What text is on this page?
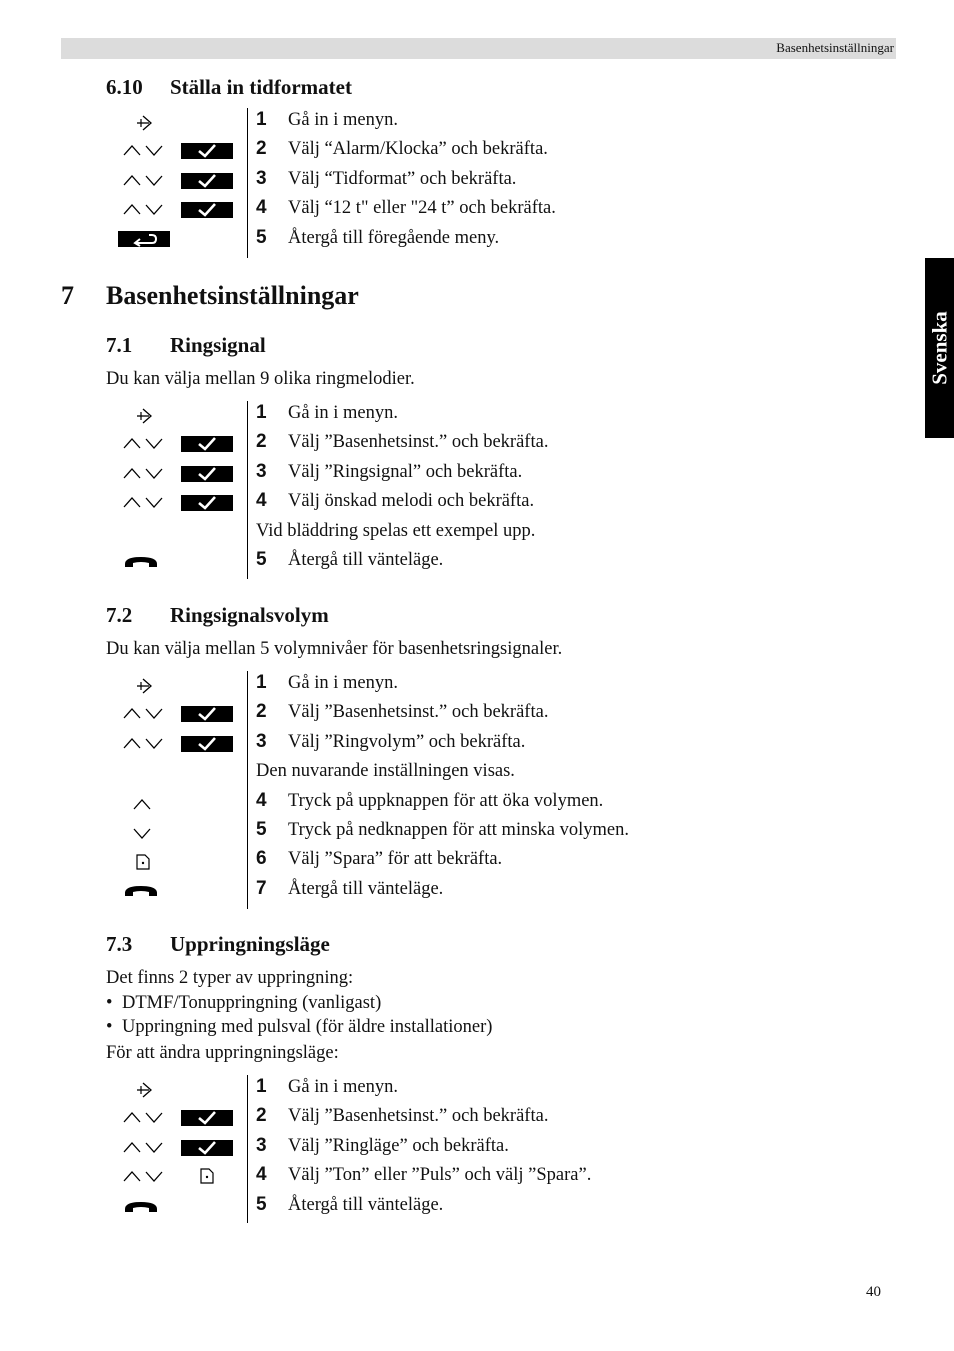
Basenhetsinställningar
Svenska
6.10 Ställa in tidformatet
1 Gå in i menyn.
2 Välj “Alarm/Klocka” och bekräfta.
3 Välj “Tidformat” och bekräfta.
4 Välj “12 t" eller "24 t” och bekräfta.
5 Återgå till föregående meny.
7 Basenhetsinställningar
7.1 Ringsignal
Du kan välja mellan 9 olika ringmelodier.
1 Gå in i menyn.
2 Välj ”Basenhetsinst.” och bekräfta.
3 Välj ”Ringsignal” och bekräfta.
4 Välj önskad melodi och bekräfta.
Vid bläddring spelas ett exempel upp.
5 Återgå till vänteläge.
7.2 Ringsignalsvolym
Du kan välja mellan 5 volymnivåer för basenhetsringsignaler.
1 Gå in i menyn.
2 Välj ”Basenhetsinst.” och bekräfta.
3 Välj ”Ringvolym” och bekräfta.
Den nuvarande inställningen visas.
4 Tryck på uppknappen för att öka volymen.
5 Tryck på nedknappen för att minska volymen.
6 Välj ”Spara” för att bekräfta.
7 Återgå till vänteläge.
7.3 Uppringningsläge
Det finns 2 typer av uppringning:
• DTMF/Tonuppringning (vanligast)
• Uppringning med pulsval (för äldre installationer)
För att ändra uppringningsläge:
1 Gå in i menyn.
2 Välj ”Basenhetsinst.” och bekräfta.
3 Välj ”Ringläge” och bekräfta.
4 Välj ”Ton” eller ”Puls” och välj ”Spara”.
5 Återgå till vänteläge.
40
